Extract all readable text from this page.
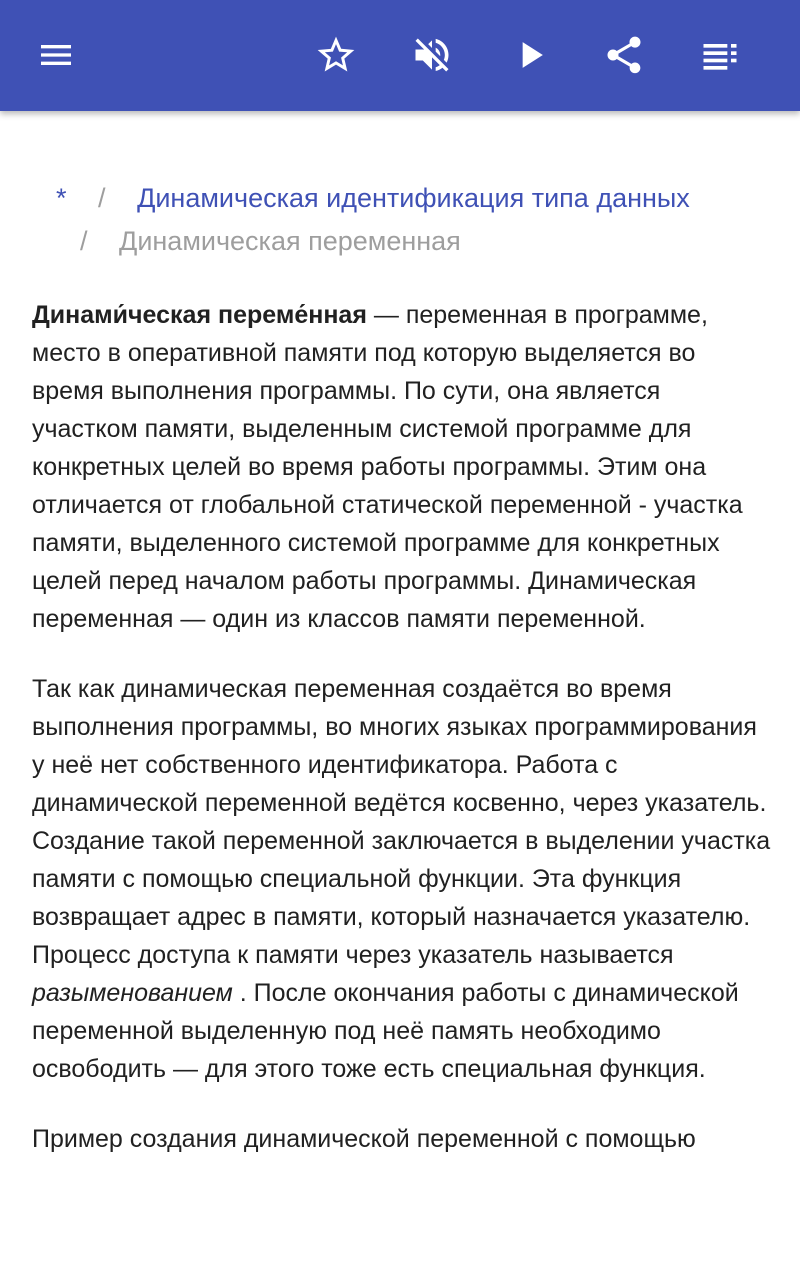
* / Динамическая идентификация типа данных
/ Динамическая переменная

Динами́ческая переме́нная — переменная в программе, место в оперативной памяти под которую выделяется во время выполнения программы. По сути, она является участком памяти, выделенным системой программе для конкретных целей во время работы программы. Этим она отличается от глобальной статической переменной - участка памяти, выделенного системой программе для конкретных целей перед началом работы программы. Динамическая переменная — один из классов памяти переменной.

Так как динамическая переменная создаётся во время выполнения программы, во многих языках программирования у неё нет собственного идентификатора. Работа с динамической переменной ведётся косвенно, через указатель. Создание такой переменной заключается в выделении участка памяти с помощью специальной функции. Эта функция возвращает адрес в памяти, который назначается указателю. Процесс доступа к памяти через указатель называется разыменованием . После окончания работы с динамической переменной выделенную под неё память необходимо освободить — для этого тоже есть специальная функция.

Пример создания динамической переменной с помощью
